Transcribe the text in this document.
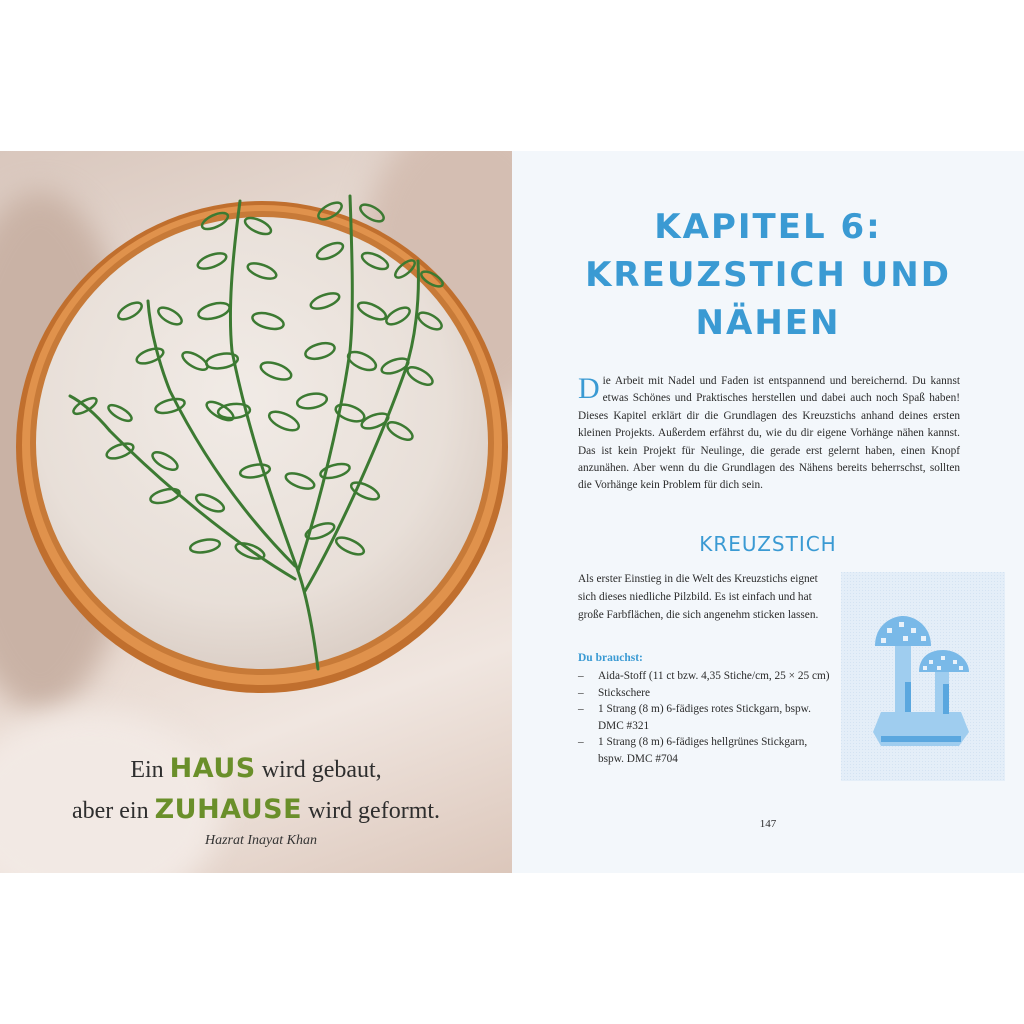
Ein HAUS wird gebaut,
aber ein ZUHAUSE wird geformt.
Hazrat Inayat Khan
KAPITEL 6:
KREUZSTICH UND
NÄHEN
Die Arbeit mit Nadel und Faden ist entspannend und bereichernd. Du kannst etwas Schönes und Praktisches herstellen und dabei auch noch Spaß haben! Dieses Kapitel erklärt dir die Grundlagen des Kreuzstichs anhand deines ersten kleinen Projekts. Außerdem erfährst du, wie du dir eigene Vorhänge nähen kannst. Das ist kein Projekt für Neulinge, die gerade erst gelernt haben, einen Knopf anzunähen. Aber wenn du die Grundlagen des Nähens bereits beherrschst, sollten die Vorhänge kein Problem für dich sein.
KREUZSTICH
Als erster Einstieg in die Welt des Kreuzstichs eignet sich dieses niedliche Pilzbild. Es ist einfach und hat große Farbflächen, die sich angenehm sticken lassen.
Du brauchst:
– Aida-Stoff (11 ct bzw. 4,35 Stiche/cm, 25 × 25 cm)
– Stickschere
– 1 Strang (8 m) 6-fädiges rotes Stickgarn, bspw. DMC #321
– 1 Strang (8 m) 6-fädiges hellgrünes Stickgarn, bspw. DMC #704
147
